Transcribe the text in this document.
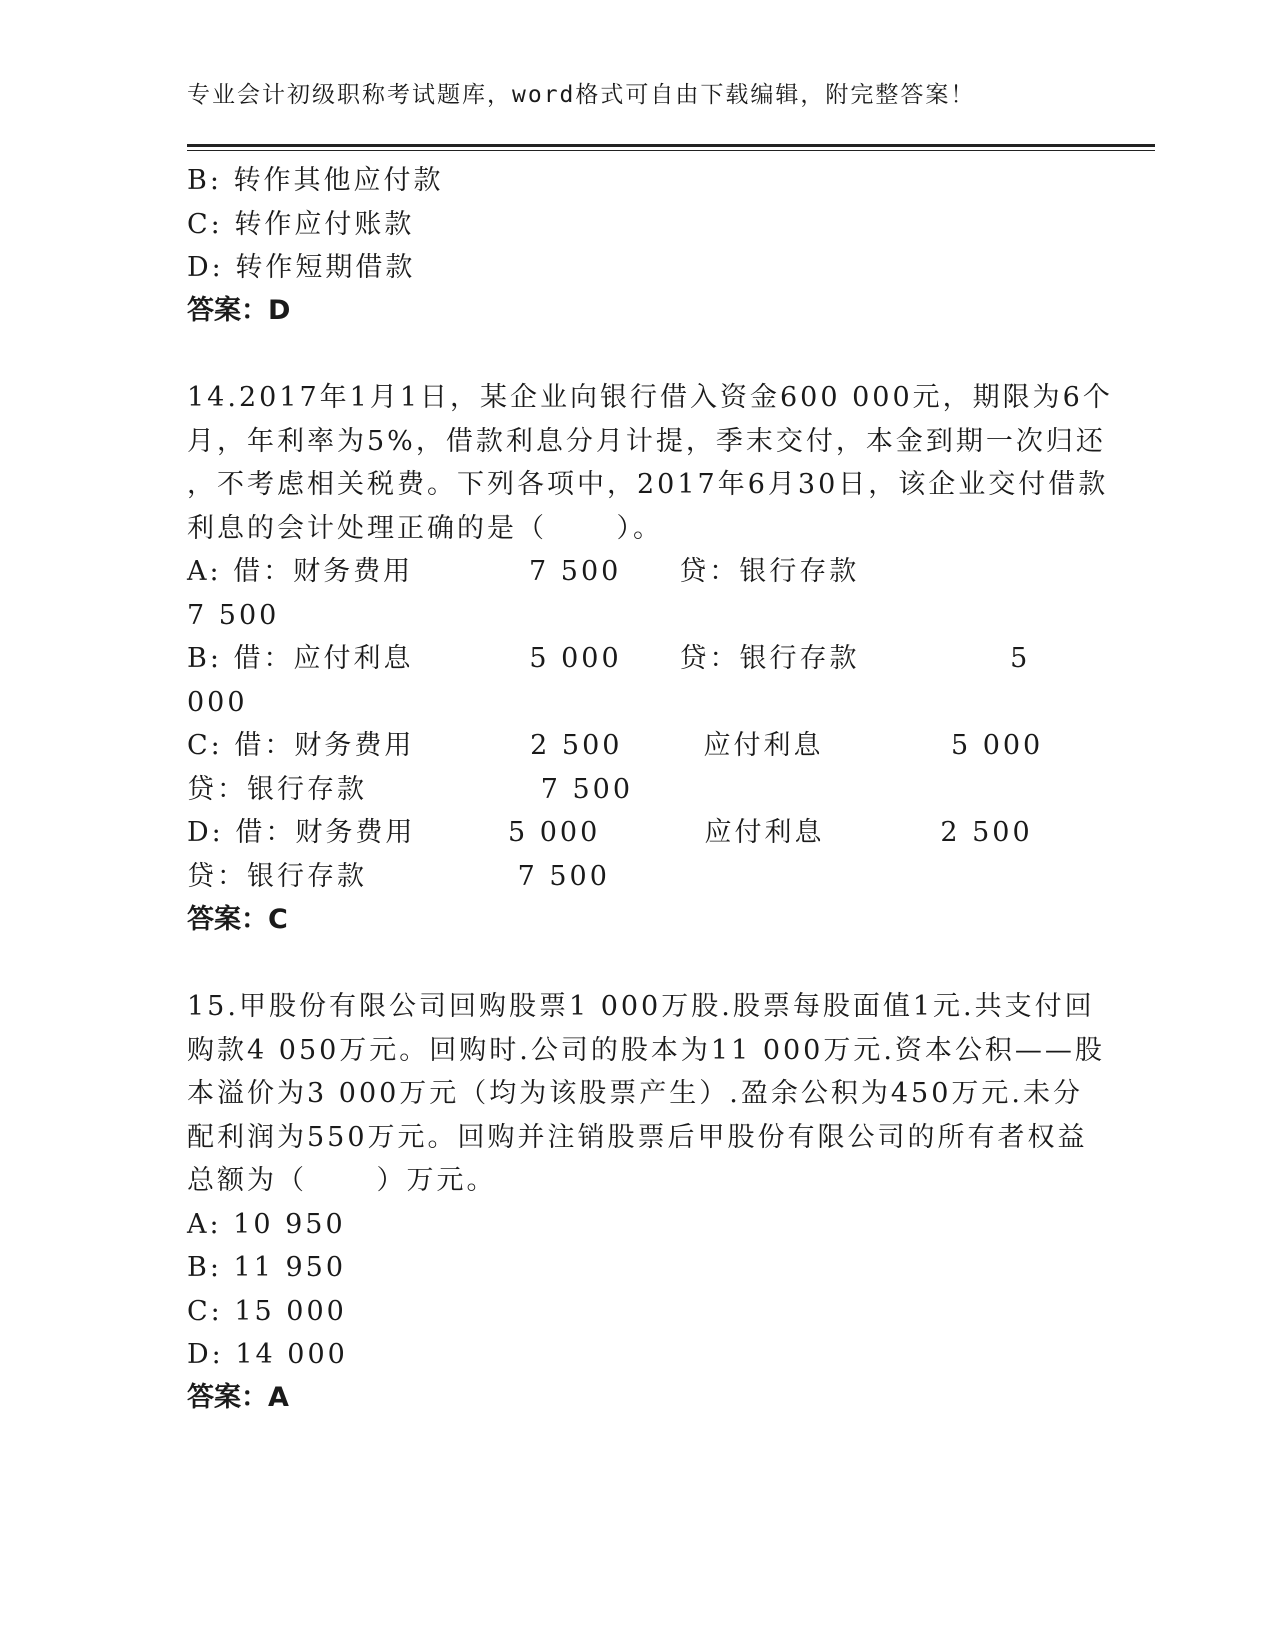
专业会计初级职称考试题库，word格式可自由下载编辑，附完整答案！
B: 转作其他应付款
C: 转作应付账款
D: 转作短期借款
答案：D
14.2017年1月1日，某企业向银行借入资金600 000元，期限为6个
月，年利率为5%，借款利息分月计提，季末交付，本金到期一次归还
，不考虑相关税费。下列各项中，2017年6月30日，该企业交付借款
利息的会计处理正确的是（      ）。
A: 借：财务费用          7 500     贷：银行存款
7 500
B: 借：应付利息          5 000     贷：银行存款             5
000
C: 借：财务费用          2 500       应付利息           5 000
贷：银行存款               7 500
D: 借：财务费用        5 000         应付利息          2 500
贷：银行存款             7 500
答案：C
15.甲股份有限公司回购股票1 000万股.股票每股面值1元.共支付回
购款4 050万元。回购时.公司的股本为11 000万元.资本公积——股
本溢价为3 000万元（均为该股票产生）.盈余公积为450万元.未分
配利润为550万元。回购并注销股票后甲股份有限公司的所有者权益
总额为（      ）万元。
A: 10 950
B: 11 950
C: 15 000
D: 14 000
答案：A
